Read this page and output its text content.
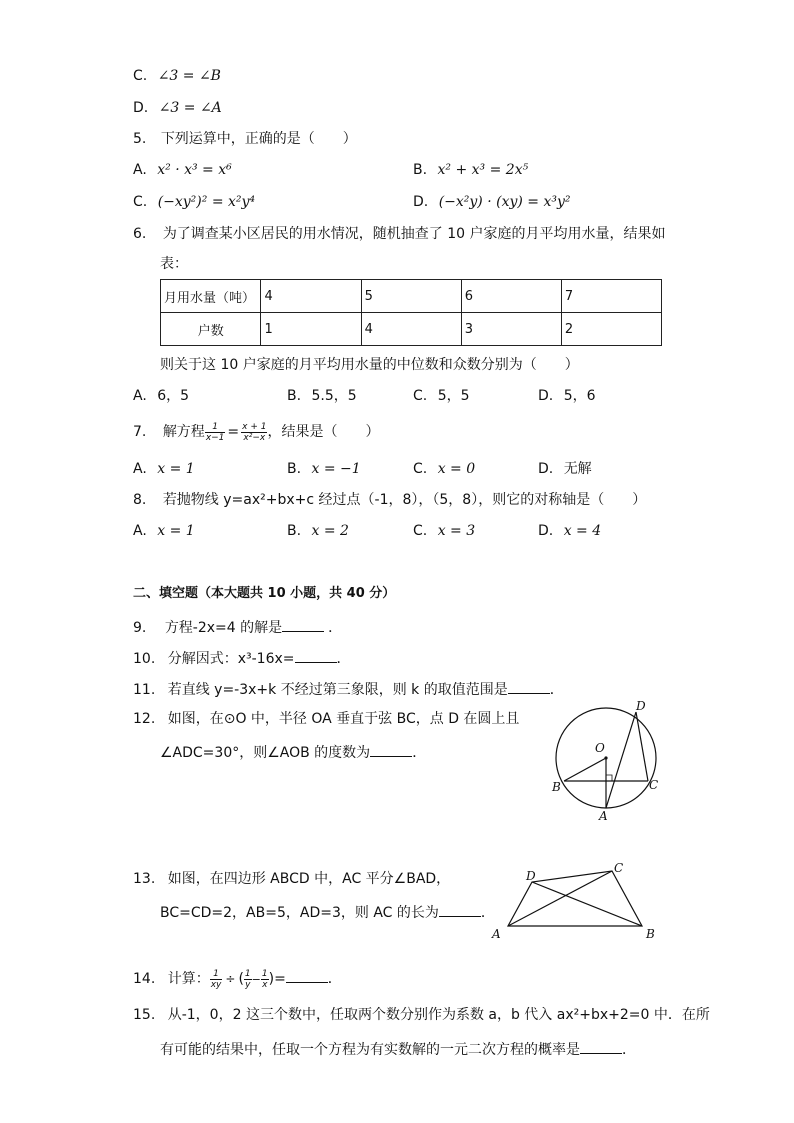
C. ∠3 = ∠B
D. ∠3 = ∠A
5. 下列运算中，正确的是（　　）
A. x² · x³ = x⁶	B. x² + x³ = 2x⁵
C. (−xy²)² = x²y⁴	D. (−x²y) · (xy) = x³y²
6. 为了调查某小区居民的用水情况，随机抽查了 10 户家庭的月平均用水量，结果如
表：
月用水量（吨）	4	5	6	7
户数	1	4	3	2
则关于这 10 户家庭的月平均用水量的中位数和众数分别为（　　）
A. 6，5	B. 5.5，5	C. 5，5	D. 5，6
7. 解方程 $\frac{1}{x-1} = \frac{x + 1}{\text{x²−x}}$ ，结果是（　　）
A. x = 1	B. x = −1	C. x = 0	D. 无解
8. 若抛物线 y=ax²+bx+c 经过点（-1，8），（5，8），则它的对称轴是（　　）
A. x = 1	B. x = 2	C. x = 3	D. x = 4
二、填空题（本大题共 10 小题，共 40 分）
9. 方程-2x=4 的解是	．
10. 分解因式：x³-16x=	．
11. 若直线 y=-3x+k 不经过第三象限，则 k 的取值范围是	．
12. 如图，在⊙O 中，半径 OA 垂直于弦 BC，点 D 在圆上且
∠ADC=30°，则∠AOB 的度数为	．	O
A
B	C
D
13. 如图，在四边形 ABCD 中，AC 平分∠BAD，
BC=CD=2，AB=5，AD=3，则 AC 的长为	．
A	B
C
D
14. 计算： $\frac{1}{xy}$ ÷ ( $\frac{1}{y} - \frac{1}{x}$ )=	．
15. 从-1，0，2 这三个数中，任取两个数分别作为系数 a，b 代入 ax²+bx+2=0 中．在所
有可能的结果中，任取一个方程为有实数解的一元二次方程的概率是	．
